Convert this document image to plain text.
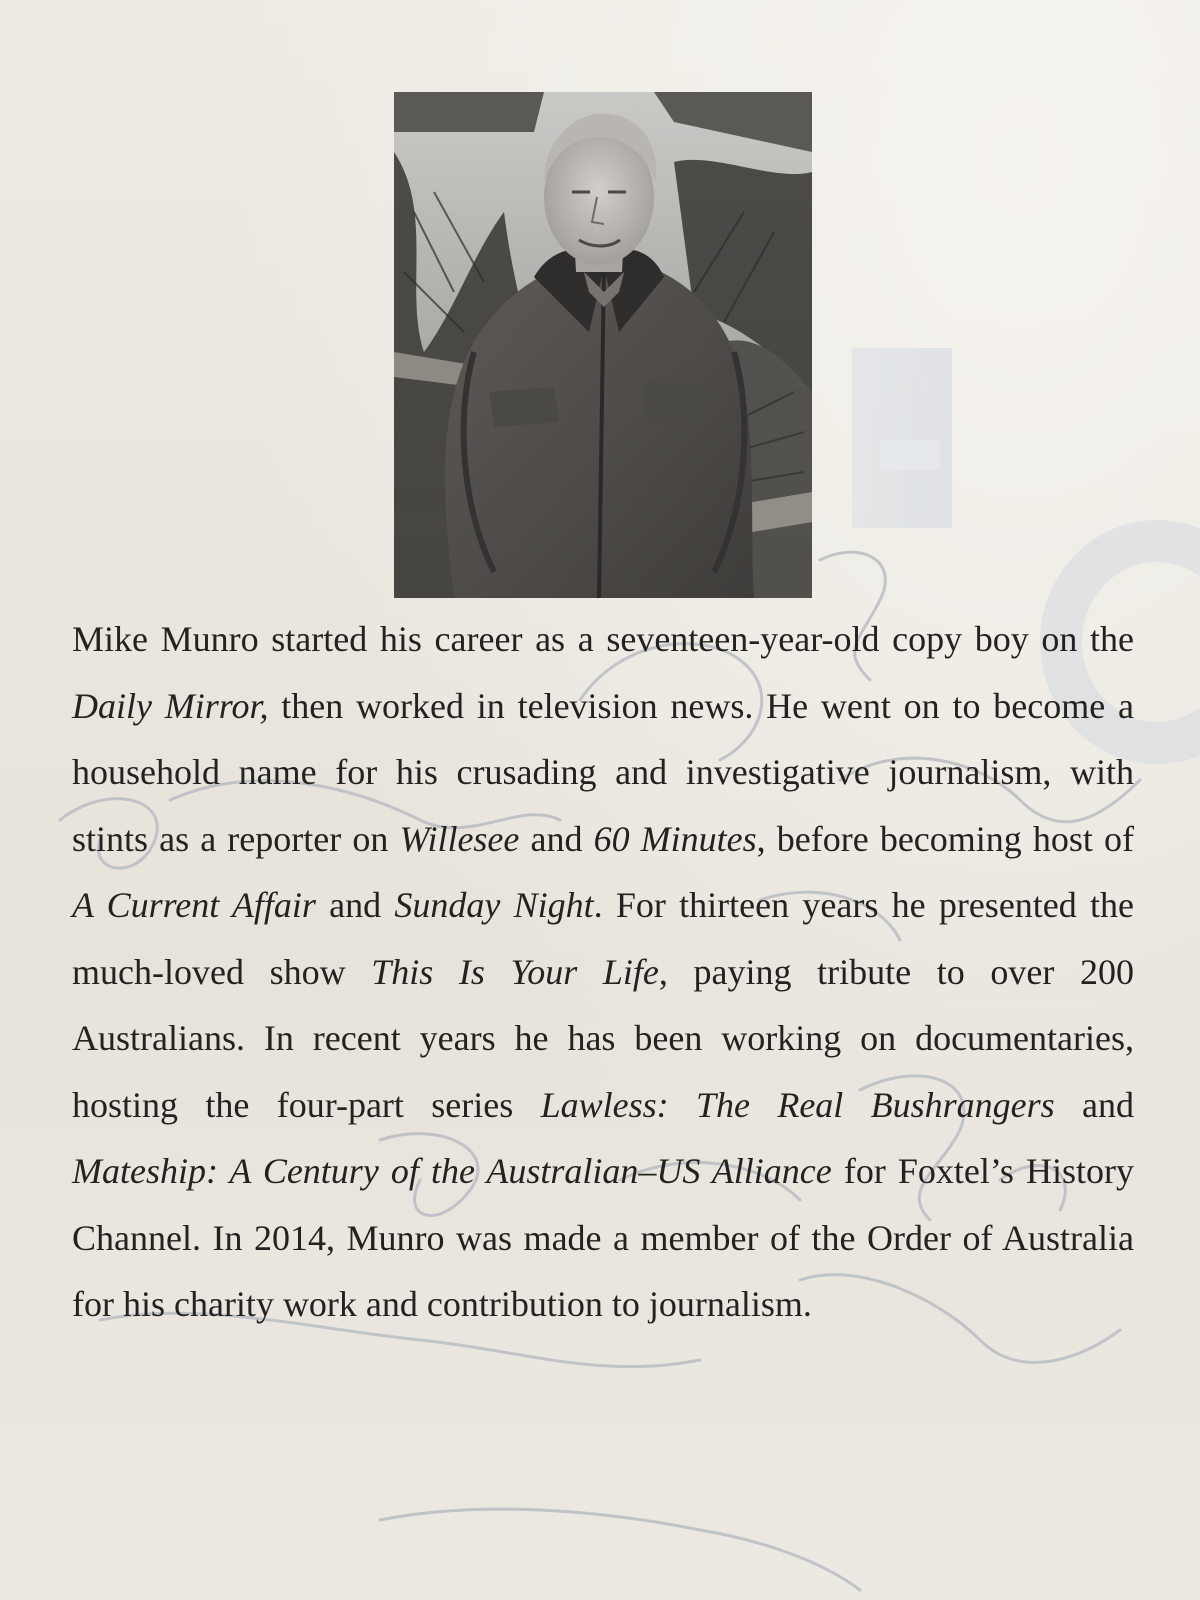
Mike Munro started his career as a seventeen-year-old copy boy on the Daily Mirror, then worked in television news. He went on to become a household name for his crusading and investigative journalism, with stints as a reporter on Willesee and 60 Minutes, before becoming host of A Current Affair and Sunday Night. For thirteen years he presented the much-loved show This Is Your Life, paying tribute to over 200 Australians. In recent years he has been working on documentaries, hosting the four-part series Lawless: The Real Bushrangers and Mateship: A Century of the Australian–US Alliance for Foxtel’s History Channel. In 2014, Munro was made a member of the Order of Australia for his charity work and contribution to journalism.
